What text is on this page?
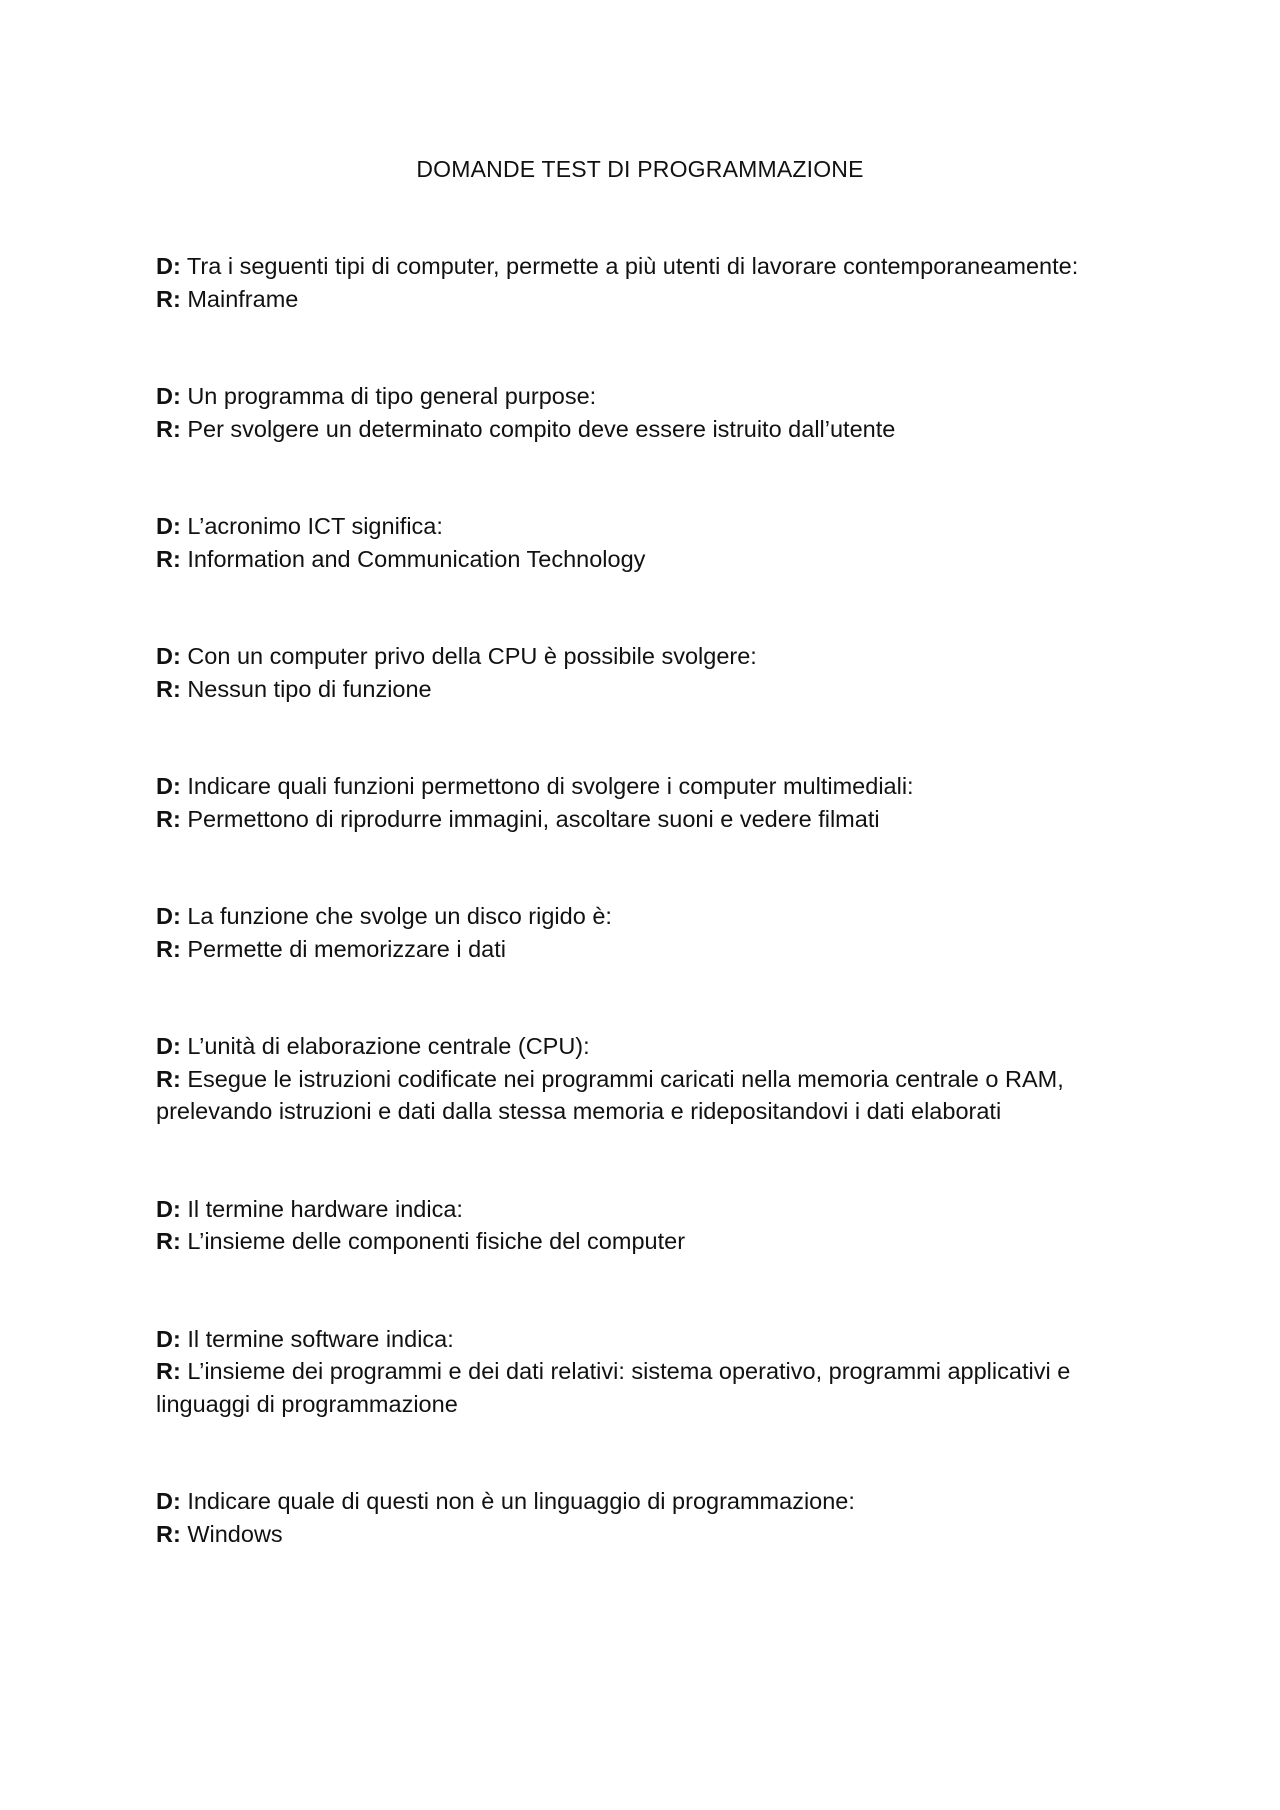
DOMANDE TEST DI PROGRAMMAZIONE
D: Tra i seguenti tipi di computer, permette a più utenti di lavorare contemporaneamente:
R: Mainframe
D: Un programma di tipo general purpose:
R: Per svolgere un determinato compito deve essere istruito dall’utente
D: L’acronimo ICT significa:
R: Information and Communication Technology
D: Con un computer privo della CPU è possibile svolgere:
R: Nessun tipo di funzione
D: Indicare quali funzioni permettono di svolgere i computer multimediali:
R: Permettono di riprodurre immagini, ascoltare suoni e vedere filmati
D: La funzione che svolge un disco rigido è:
R: Permette di memorizzare i dati
D: L’unità di elaborazione centrale (CPU):
R: Esegue le istruzioni codificate nei programmi caricati nella memoria centrale o RAM, prelevando istruzioni e dati dalla stessa memoria e ridepositandovi i dati elaborati
D: Il termine hardware indica:
R: L’insieme delle componenti fisiche del computer
D: Il termine software indica:
R: L’insieme dei programmi e dei dati relativi: sistema operativo, programmi applicativi e linguaggi di programmazione
D: Indicare quale di questi non è un linguaggio di programmazione:
R: Windows
